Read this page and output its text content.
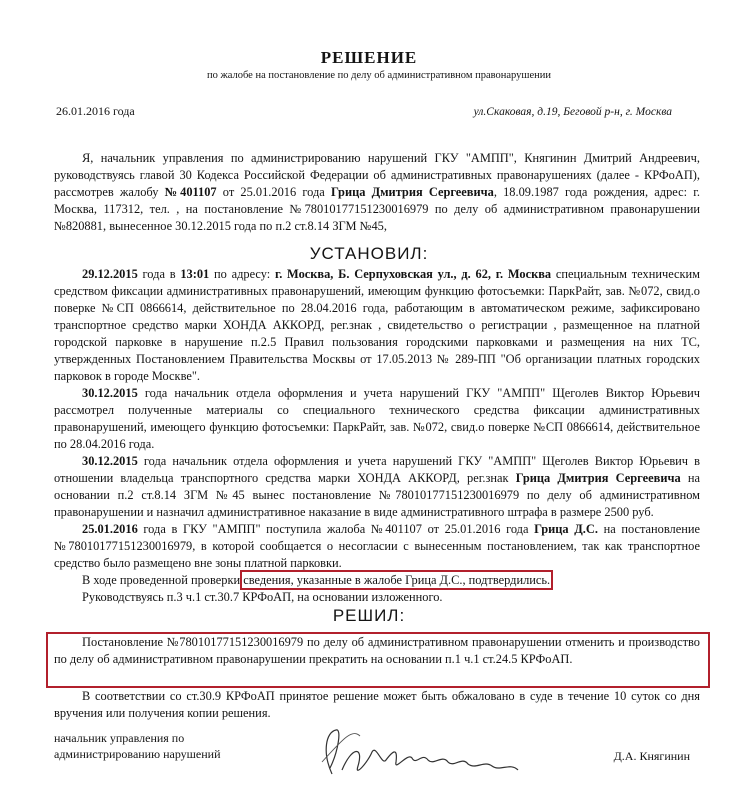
РЕШЕНИЕ
по жалобе на постановление по делу об административном правонарушении
26.01.2016 года	ул.Скаковая, д.19, Беговой р-н, г. Москва

Я, начальник управления по администрированию нарушений ГКУ "АМПП", Княгинин Дмитрий Андреевич, руководствуясь главой 30 Кодекса Российской Федерации об административных правонарушениях (далее - КРФоАП), рассмотрев жалобу №401107 от 25.01.2016 года Грица Дмитрия Сергеевича, 18.09.1987 года рождения, адрес: г. Москва, 117312, тел. , на постановление №78010177151230016979 по делу об административном правонарушении №820881, вынесенное 30.12.2015 года по п.2 ст.8.14 ЗГМ №45,

УСТАНОВИЛ:

29.12.2015 года в 13:01 по адресу: г. Москва, Б. Серпуховская ул., д. 62, г. Москва специальным техническим средством фиксации административных правонарушений, имеющим функцию фотосъемки: ПаркРайт, зав. №072, свид.о поверке №СП 0866614, действительное по 28.04.2016 года, работающим в автоматическом режиме, зафиксировано транспортное средство марки ХОНДА АККОРД, рег.знак , свидетельство о регистрации , размещенное на платной городской парковке в нарушение п.2.5 Правил пользования городскими парковками и размещения на них ТС, утвержденных Постановлением Правительства Москвы от 17.05.2013 № 289-ПП "Об организации платных городских парковок в городе Москве".

30.12.2015 года начальник отдела оформления и учета нарушений ГКУ "АМПП" Щеголев Виктор Юрьевич рассмотрел полученные материалы со специального технического средства фиксации административных правонарушений, имеющего функцию фотосъемки: ПаркРайт, зав. №072, свид.о поверке №СП 0866614, действительное по 28.04.2016 года.

30.12.2015 года начальник отдела оформления и учета нарушений ГКУ "АМПП" Щеголев Виктор Юрьевич в отношении владельца транспортного средства марки ХОНДА АККОРД, рег.знак Грица Дмитрия Сергеевича на основании п.2 ст.8.14 ЗГМ №45 вынес постановление №78010177151230016979 по делу об административном правонарушении и назначил административное наказание в виде административного штрафа в размере 2500 руб.

25.01.2016 года в ГКУ "АМПП" поступила жалоба №401107 от 25.01.2016 года Грица Д.С. на постановление №78010177151230016979, в которой сообщается о несогласии с вынесенным постановлением, так как транспортное средство было размещено вне зоны платной парковки.

В ходе проведенной проверки сведения, указанные в жалобе Грица Д.С., подтвердились.

Руководствуясь п.3 ч.1 ст.30.7 КРФоАП, на основании изложенного.

РЕШИЛ:

Постановление №78010177151230016979 по делу об административном правонарушении отменить и производство по делу об административном правонарушении прекратить на основании п.1 ч.1 ст.24.5 КРФоАП.

В соответствии со ст.30.9 КРФоАП принятое решение может быть обжаловано в суде в течение 10 суток со дня вручения или получения копии решения.

начальник управления по
администрированию нарушений	Д.А. Княгинин
